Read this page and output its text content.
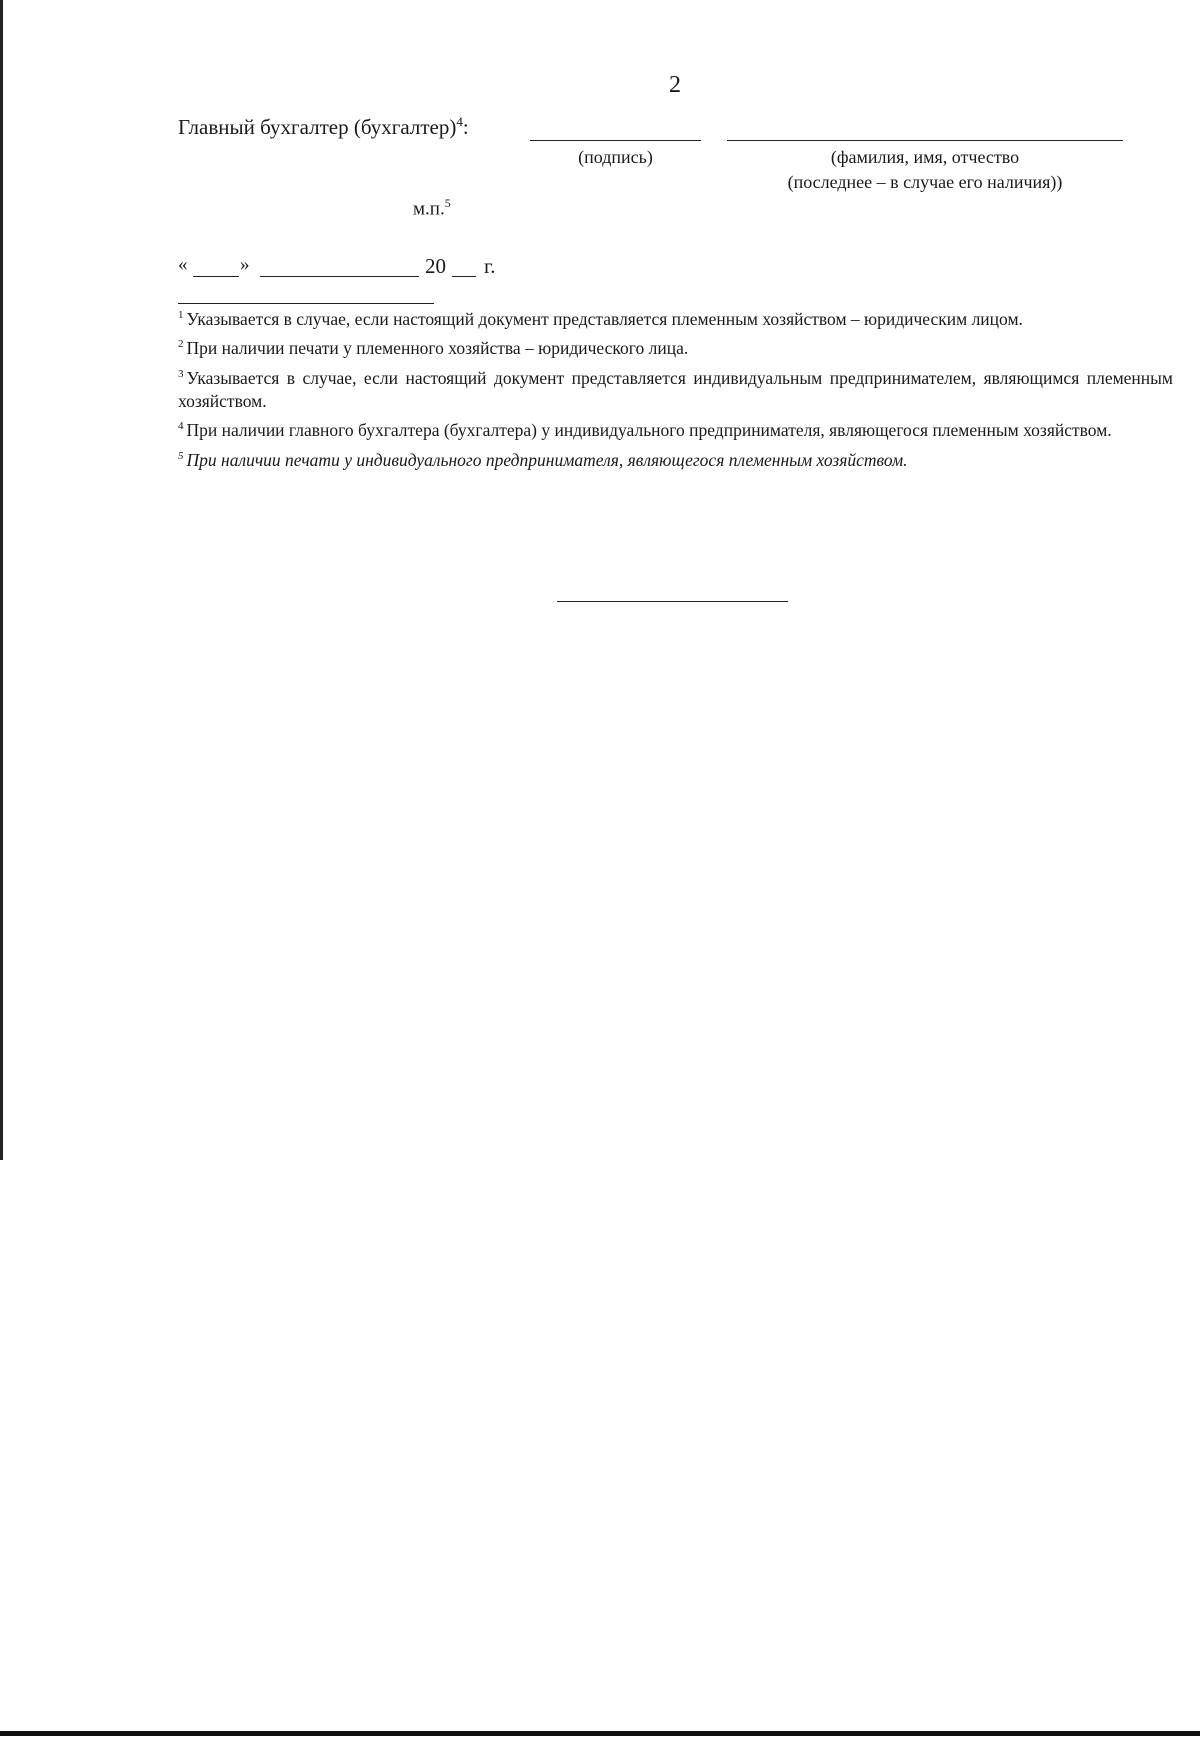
2
Главный бухгалтер (бухгалтер)$^4$:
(подпись)	(фамилия, имя, отчество
(последнее – в случае его наличия))
м.п.$^5$
«	»	20 г.

$^1$ Указывается в случае, если настоящий документ представляется племенным хозяйством – юридическим лицом.

$^2$ При наличии печати у племенного хозяйства – юридического лица.

$^3$ Указывается в случае, если настоящий документ представляется индивидуальным предпринимателем, являющимся племенным хозяйством.

$^4$ При наличии главного бухгалтера (бухгалтера) у индивидуального предпринимателя, являющегося племенным хозяйством.

$^5$ При наличии печати у индивидуального предпринимателя, являющегося племенным хозяйством.
